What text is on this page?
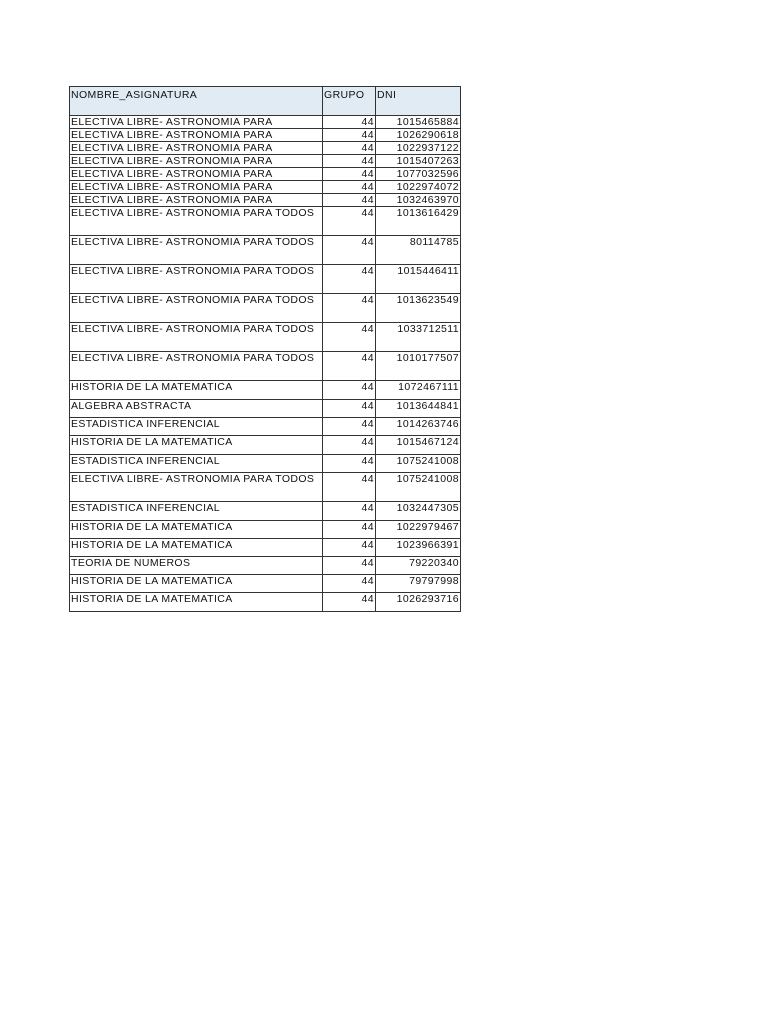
NOMBRE_ASIGNATURA	GRUPO	DNI
ELECTIVA LIBRE- ASTRONOMIA PARA	44	1015465884
ELECTIVA LIBRE- ASTRONOMIA PARA	44	1026290618
ELECTIVA LIBRE- ASTRONOMIA PARA	44	1022937122
ELECTIVA LIBRE- ASTRONOMIA PARA	44	1015407263
ELECTIVA LIBRE- ASTRONOMIA PARA	44	1077032596
ELECTIVA LIBRE- ASTRONOMIA PARA	44	1022974072
ELECTIVA LIBRE- ASTRONOMIA PARA	44	1032463970
ELECTIVA LIBRE- ASTRONOMIA PARA TODOS	44	1013616429
ELECTIVA LIBRE- ASTRONOMIA PARA TODOS	44	80114785
ELECTIVA LIBRE- ASTRONOMIA PARA TODOS	44	1015446411
ELECTIVA LIBRE- ASTRONOMIA PARA TODOS	44	1013623549
ELECTIVA LIBRE- ASTRONOMIA PARA TODOS	44	1033712511
ELECTIVA LIBRE- ASTRONOMIA PARA TODOS	44	1010177507
HISTORIA DE LA MATEMATICA	44	1072467111
ALGEBRA ABSTRACTA	44	1013644841
ESTADISTICA INFERENCIAL	44	1014263746
HISTORIA DE LA MATEMATICA	44	1015467124
ESTADISTICA INFERENCIAL	44	1075241008
ELECTIVA LIBRE- ASTRONOMIA PARA TODOS	44	1075241008
ESTADISTICA INFERENCIAL	44	1032447305
HISTORIA DE LA MATEMATICA	44	1022979467
HISTORIA DE LA MATEMATICA	44	1023966391
TEORIA DE NUMEROS	44	79220340
HISTORIA DE LA MATEMATICA	44	79797998
HISTORIA DE LA MATEMATICA	44	1026293716
